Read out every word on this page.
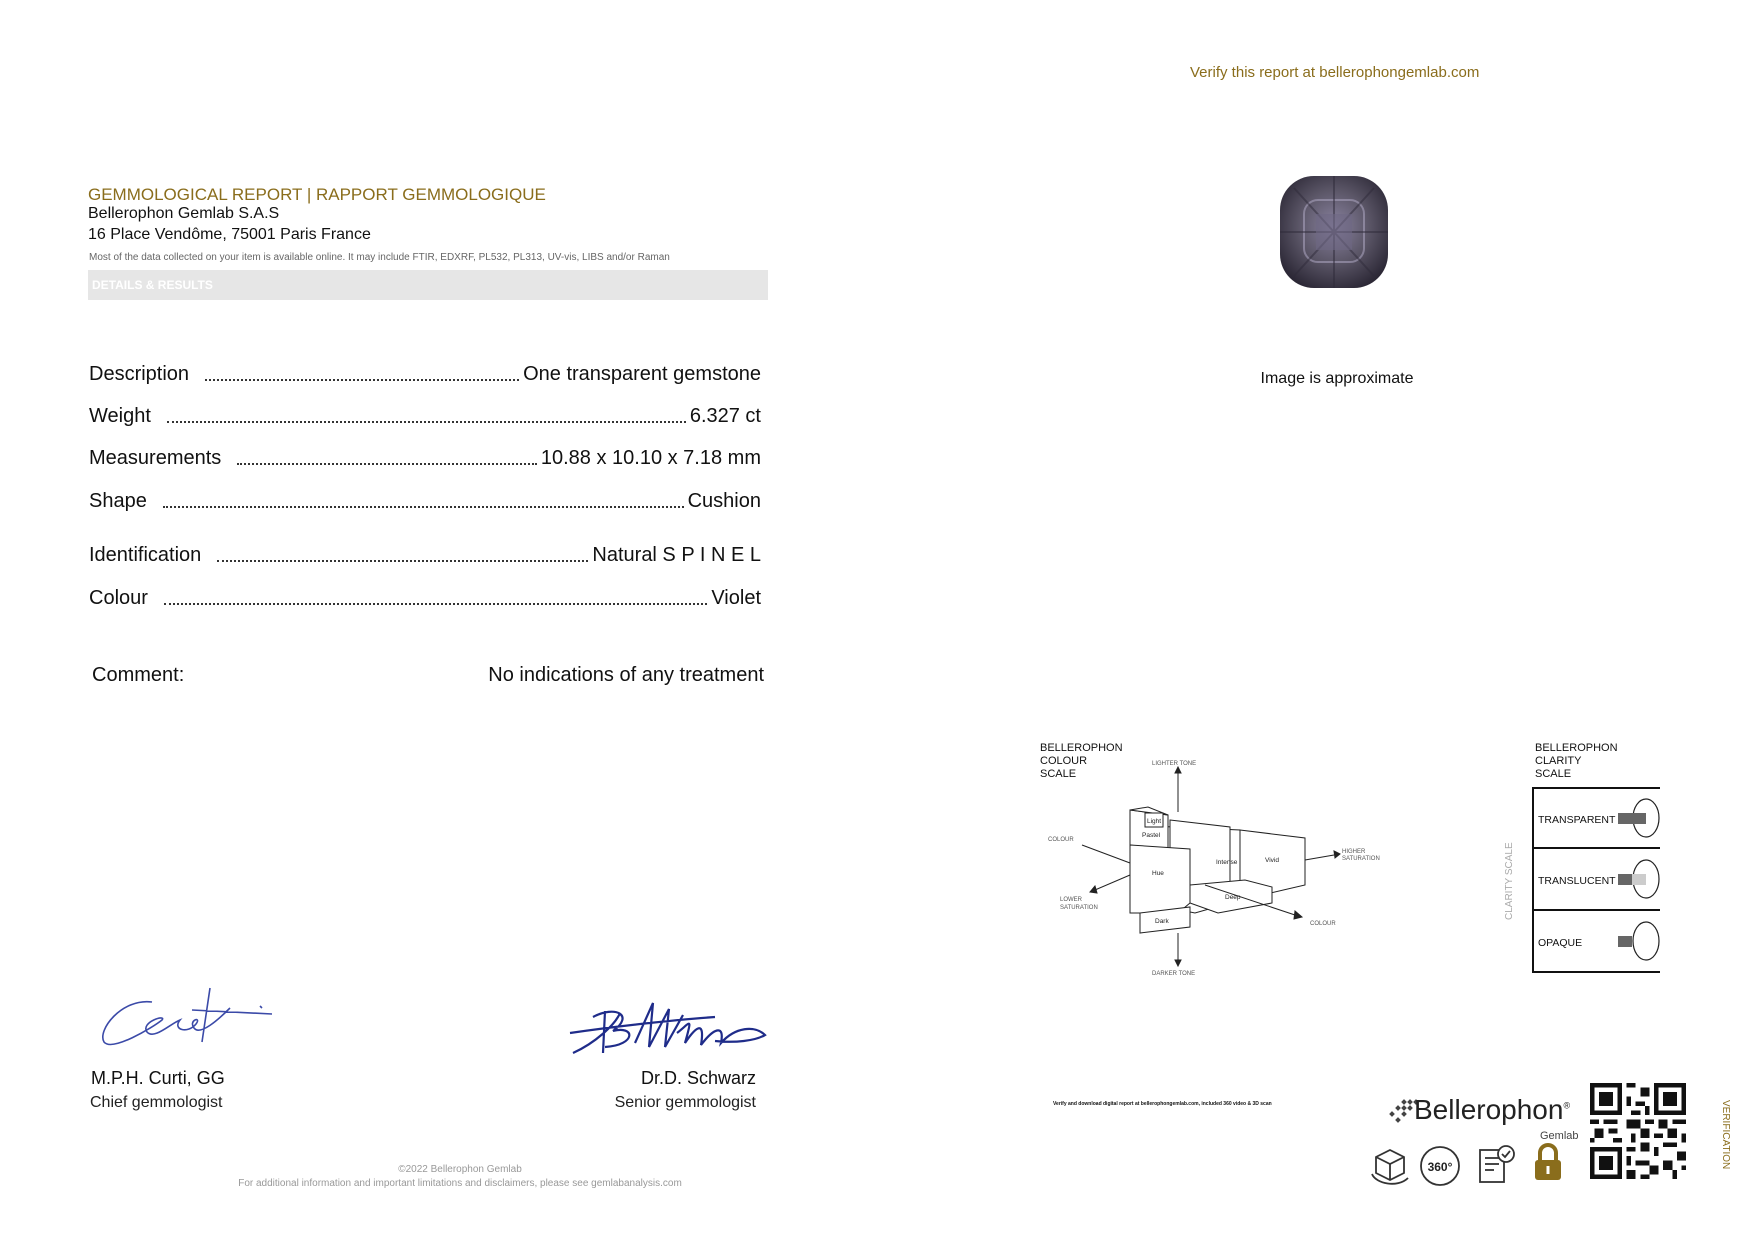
Verify this report at bellerophongemlab.com
GEMMOLOGICAL REPORT | RAPPORT GEMMOLOGIQUE
Bellerophon Gemlab S.A.S
16 Place Vendôme, 75001 Paris France
Most of the data collected on your item is available online. It may include FTIR, EDXRF, PL532, PL313, UV-vis, LIBS and/or Raman
DETAILS & RESULTS
Description	One transparent gemstone
Weight	6.327 ct
Measurements	10.88 x 10.10 x 7.18 mm
Shape	Cushion
Identification	Natural S P I N E L
Colour	Violet
Comment:	No indications of any treatment
Image is approximate
BELLEROPHON
COLOUR
SCALE
LIGHTER TONE
DARKER TONE
COLOUR
COLOUR
HIGHER
SATURATION
LOWER
SATURATION
Light
Pastel
Hue
Intense	Vivid
Deep
Dark
BELLEROPHON
CLARITY
SCALE
CLARITY SCALE
TRANSPARENT
TRANSLUCENT
OPAQUE
M.P.H. Curti, GG
Chief gemmologist
Dr.D. Schwarz
Senior gemmologist
©2022 Bellerophon Gemlab
For additional information and important limitations and disclaimers, please see gemlabanalysis.com
Verify and download digital report at bellerophongemlab.com, included 360 video & 3D scan	Bellerophon®
Gemlab
360°	VERIFICATION
